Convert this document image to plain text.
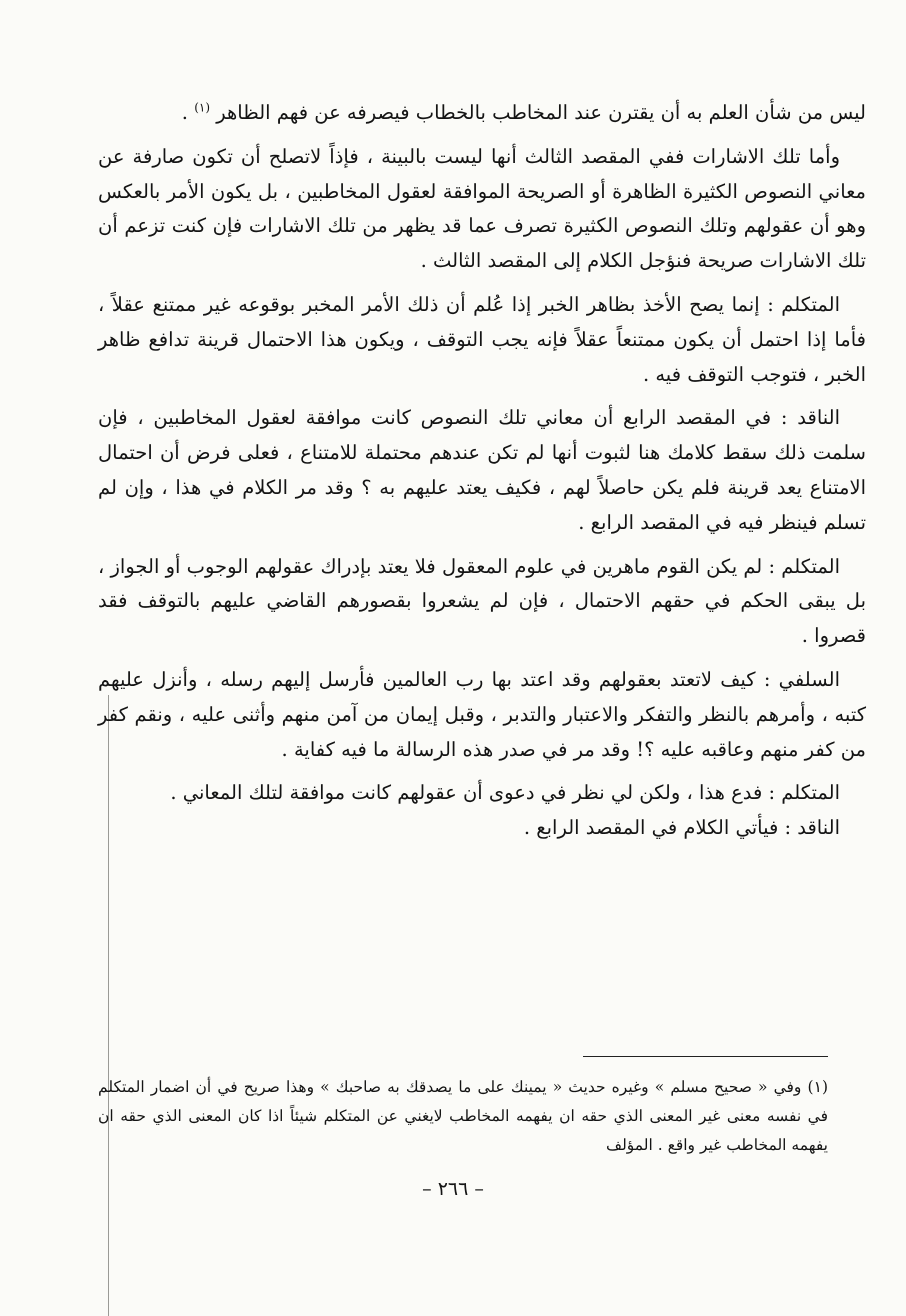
ليس من شأن العلم به أن يقترن عند المخاطب بالخطاب فيصرفه عن فهم الظاهر $^{(١)}$ .

وأما تلك الاشارات ففي المقصد الثالث أنها ليست بالبينة ، فإذاً لاتصلح أن تكون صارفة عن معاني النصوص الكثيرة الظاهرة أو الصريحة الموافقة لعقول المخاطبين ، بل يكون الأمر بالعكس وهو أن عقولهم وتلك النصوص الكثيرة تصرف عما قد يظهر من تلك الاشارات فإن كنت تزعم أن تلك الاشارات صريحة فنؤجل الكلام إلى المقصد الثالث .

المتكلم : إنما يصح الأخذ بظاهر الخبر إذا عُلم أن ذلك الأمر المخبر بوقوعه غير ممتنع عقلاً ، فأما إذا احتمل أن يكون ممتنعاً عقلاً فإنه يجب التوقف ، ويكون هذا الاحتمال قرينة تدافع ظاهر الخبر ، فتوجب التوقف فيه .

الناقد : في المقصد الرابع أن معاني تلك النصوص كانت موافقة لعقول المخاطبين ، فإن سلمت ذلك سقط كلامك هنا لثبوت أنها لم تكن عندهم محتملة للامتناع ، فعلى فرض أن احتمال الامتناع يعد قرينة فلم يكن حاصلاً لهم ، فكيف يعتد عليهم به ؟ وقد مر الكلام في هذا ، وإن لم تسلم فينظر فيه في المقصد الرابع .

المتكلم : لم يكن القوم ماهرين في علوم المعقول فلا يعتد بإدراك عقولهم الوجوب أو الجواز ، بل يبقى الحكم في حقهم الاحتمال ، فإن لم يشعروا بقصورهم القاضي عليهم بالتوقف فقد قصروا .

السلفي : كيف لاتعتد بعقولهم وقد اعتد بها رب العالمين فأرسل إليهم رسله ، وأنزل عليهم كتبه ، وأمرهم بالنظر والتفكر والاعتبار والتدبر ، وقبل إيمان من آمن منهم وأثنى عليه ، ونقم كفر من كفر منهم وعاقبه عليه ؟! وقد مر في صدر هذه الرسالة ما فيه كفاية .

المتكلم : فدع هذا ، ولكن لي نظر في دعوى أن عقولهم كانت موافقة لتلك المعاني .

الناقد : فيأتي الكلام في المقصد الرابع .

(١) وفي « صحيح مسلم » وغيره حديث « يمينك على ما يصدقك به صاحبك » وهذا صريح في أن اضمار المتكلم في نفسه معنى غير المعنى الذي حقه ان يفهمه المخاطب لايغني عن المتكلم شيئاً اذا كان المعنى الذي حقه ان يفهمه المخاطب غير واقع . المؤلف

– ٢٦٦ –
